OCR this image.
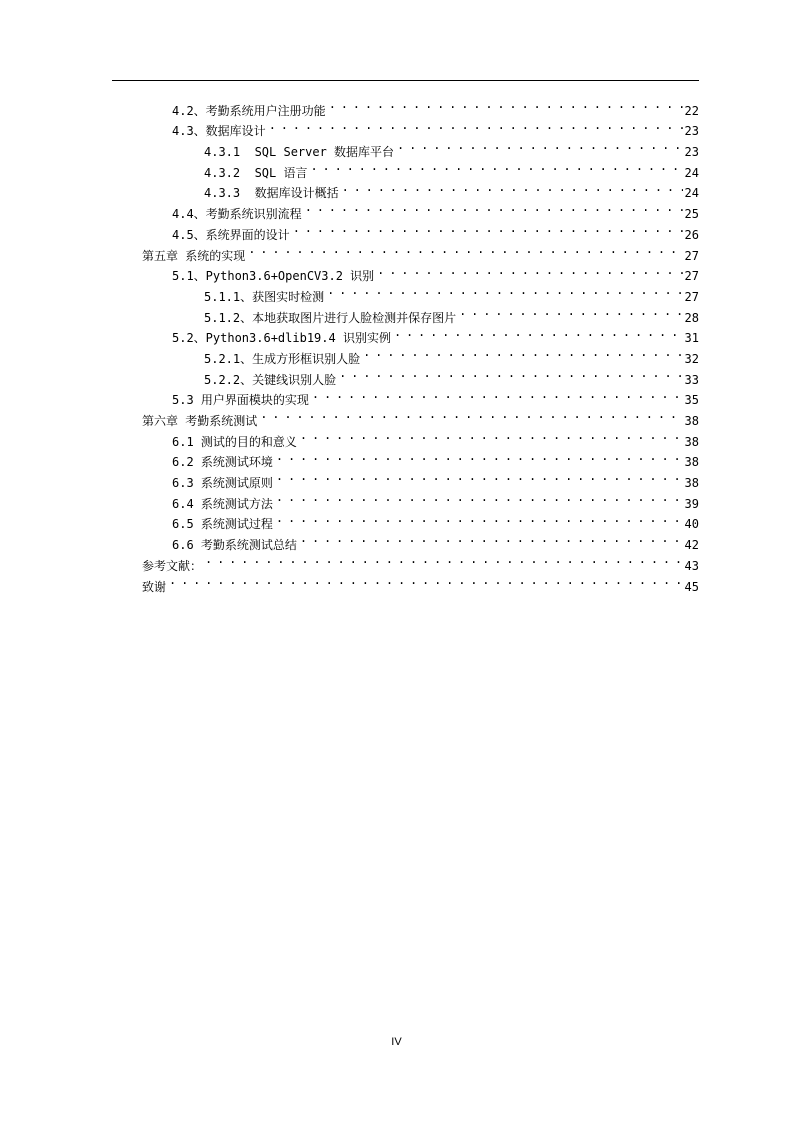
4.2、考勤系统用户注册功能 . . .	22
4.3、数据库设计 . . .	23
4.3.1  SQL Server 数据库平台 . . .	23
4.3.2  SQL 语言 . . .	24
4.3.3  数据库设计概括 . . .	24
4.4、考勤系统识别流程 . . .	25
4.5、系统界面的设计 . . .	26
第五章 系统的实现 . . .	27
5.1、Python3.6+OpenCV3.2 识别 . . .	27
5.1.1、获图实时检测 . . .	27
5.1.2、本地获取图片进行人脸检测并保存图片 . . .	28
5.2、Python3.6+dlib19.4 识别实例 . . .	31
5.2.1、生成方形框识别人脸 . . .	32
5.2.2、关键线识别人脸 . . .	33
5.3 用户界面模块的实现 . . .	35
第六章 考勤系统测试 . . .	38
6.1 测试的目的和意义 . . .	38
6.2 系统测试环境 . . .	38
6.3 系统测试原则 . . .	38
6.4 系统测试方法 . . .	39
6.5 系统测试过程 . . .	40
6.6 考勤系统测试总结 . . .	42
参考文献： . . .	43
致谢 . . .	45
IV
